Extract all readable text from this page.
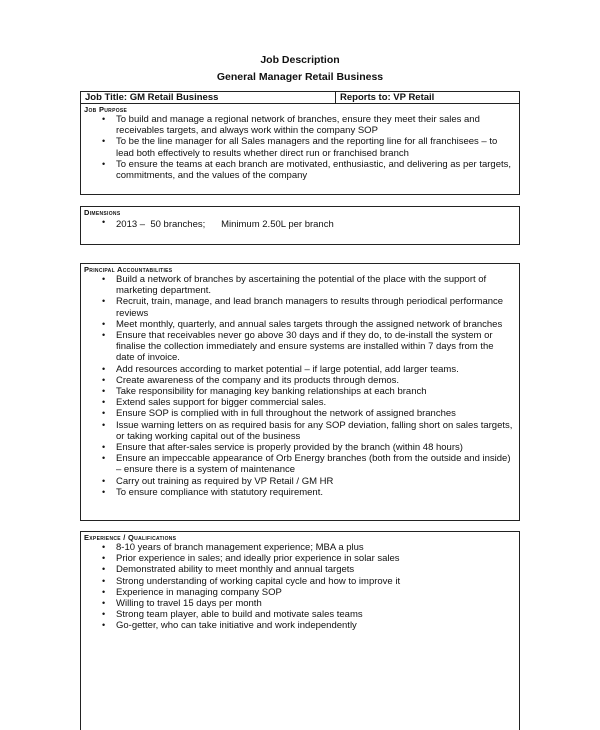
Job Description
General Manager Retail Business
Job Title: GM Retail Business	Reports to: VP Retail
Job Purpose
• To build and manage a regional network of branches, ensure they meet their sales and receivables targets, and always work within the company SOP
• To be the line manager for all Sales managers and the reporting line for all franchisees – to lead both effectively to results whether direct run or franchised branch
• To ensure the teams at each branch are motivated, enthusiastic, and delivering as per targets, commitments, and the values of the company
Dimensions
• 2013 –  50 branches;      Minimum 2.50L per branch
Principal Accountabilities
• Build a network of branches by ascertaining the potential of the place with the support of marketing department.
• Recruit, train, manage, and lead branch managers to results through periodical performance reviews
• Meet monthly, quarterly, and annual sales targets through the assigned network of branches
• Ensure that receivables never go above 30 days and if they do, to de-install the system or finalise the collection immediately and ensure systems are installed within 7 days from the date of invoice.
• Add resources according to market potential – if large potential, add larger teams.
• Create awareness of the company and its products through demos.
• Take responsibility for managing key banking relationships at each branch
• Extend sales support for bigger commercial sales.
• Ensure SOP is complied with in full throughout the network of assigned branches
• Issue warning letters on as required basis for any SOP deviation, falling short on sales targets, or taking working capital out of the business
• Ensure that after-sales service is properly provided by the branch (within 48 hours)
• Ensure an impeccable appearance of Orb Energy branches (both from the outside and inside) – ensure there is a system of maintenance
• Carry out training as required by VP Retail / GM HR
• To ensure compliance with statutory requirement.
Experience / Qualifications
• 8-10 years of branch management experience; MBA a plus
• Prior experience in sales; and ideally prior experience in solar sales
• Demonstrated ability to meet monthly and annual targets
• Strong understanding of working capital cycle and how to improve it
• Experience in managing company SOP
• Willing to travel 15 days per month
• Strong team player, able to build and motivate sales teams
• Go-getter, who can take initiative and work independently
